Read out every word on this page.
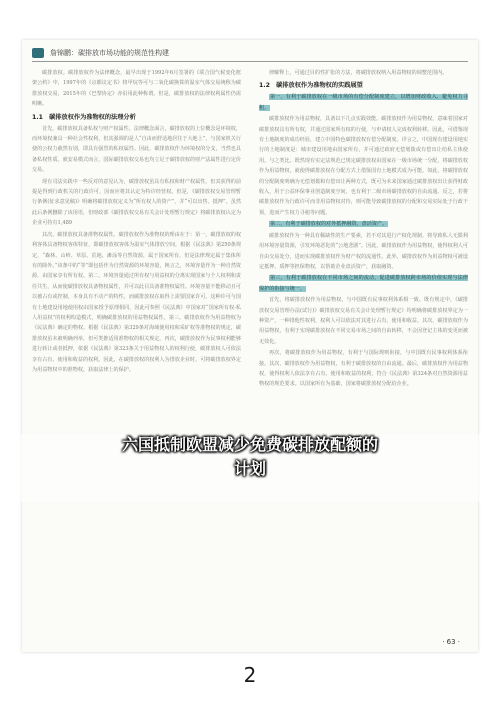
詹锦鹏：碳排放市场功能的规范性构建

碳排放权。碳排放权作为法律概念，最早出现于1992年6月签署的《联合国气候变化框架公约》中，1997年的《京都议定书》将甲烷等可与二氧化碳换算的温室气体交易统称为碳排放权交易，2015年的《巴黎协定》亦沿用此种称谓。但是，碳排放权的法律权利属性仍需明晰。

1.1　碳排放权作为准物权的法理分析

首先，碳排放权具备私权与财产权属性。法律概念面言，碳排放权的上位概念是环境权，而环境权兼具一种社会性权利，但其强调的是人“自由而舒适地居住于大地上”，与国家机关行使的公权力截然有别，即具有强烈的私权属性。因此，碳排放权作为环境权的分支，当然也具备私权性质。就安易模式而言，国际碳排放权交易也均立足于碳排放权的财产法属性进行定价交易。

现有司法实践中一些反对的意见认为，碳排放权虽具有私权和财产权属性，但其获得的前提是得到行政机关的行政许可，因而应将其认定为特许经营权。但是，《碳排放权交易管理暂行条例(征求意见稿)》明确将碳排放权定义为“所有权人的资产”，并“可以出售、抵押”。虽然此后条例删除了该用语，但财政部《碳排放权交易有关会计处理暂行规定》将碳排放权认定为企业可持有1,489

其次，碳排放权具备准物权属性。碳排放权作为准物权的理由在于：第一，碳排放权的权利客体具备物权客体特征，即碳排放权客体为温室气体排放空间，根据《民法典》第250条规定，“森林、山岭、草原、荒地、滩涂等自然资源，属于国家所有，但是法律规定属于集体所有的除外。”该条中的“等”即包括作为自然资源的环境容量，换言之，环境容量作为一种自然资源，由国家享有所有权。第二，环境容量通过所有权与用益权的分离实现国家与个人权利和责任共生，从而使碳排放权具备物权属性，并可以此目具备准物权属性。环境容量不能移动且可以被占有或控制，本身具有不动产的特性，而碳排放权在取得上需要国家许可，这种许可与国有土地建设用地使用权由国家授予原理相同，因此可参照《民法典》中国家对“国家所有权-私人用益权”的权利构造模式，明确碳排放权的用益物权属性。第三，碳排放权作为用益物权为《民法典》确定的物权。根据《民法典》第329条对海域使用权和采矿权等准物权的规定，碳排放权虽未被明确列举，但可类推适用准物权的相关规定。再次，碳排放权作为民事权利能够进行转让或者抵押，依据《民法典》第323条关于用益物权人的权利行使，碳排放权人可依法享有占有、使用和收益的权利。因此，在碳排放权的权利人为排放企业时，可将碳排放权界定为用益物权中的准物权，获取法律上的保护。

律解释上，可通过目的性扩张的方法，将碳排放权纳入用益物权的调整范围内。

1.2　碳排放权作为准物权的实践展望

第一，有利于碳排放权在一级市场的有偿分配制度建立，以增加财政收入、避免权力寻租。

碳排放权作为用益物权，具备以下几点实践效能。碳排放权作为用益物权，意味着国家对碳排放权具有所有权，并通过国家所有权的行使，与申请权人完成权利转移。因此，可借鉴现有土地制度的成功经验，建立中国特色碳排放权有偿分配制度。详言之，中国现有建设用地实行的土地制度是：城市建设用地由国家所有，并可通过政府无偿划拨或有偿出让给私主体使用。与之类比，既然现有实定法规范已规定碳排放权由国家在一级市场统一分配，将碳排放权作为用益物权，就使得碳排放权在分配方式上借鉴国有土地模式成为可能。如此，将碳排放权的分配制度明确为无偿划拨和有偿出让两种方式，既可为未来国家通过碳排放权出让获得财政收入，用于公益环保事业创造制度空间，也有利于二级市场碳排放权的自由流通。反之，若将碳排放权作为行政许可而非用益物权对待，则可能导致碳排放权的分配和交易实际处于行政干预，进而产生权力寻租等问题。

第二，有利于碳排放权的对外抵押融资，盘活资产。

碳排放权作为一种具有稀缺性的生产要素，若不对其进行产权化规制，将导致私人无限利用环境容量资源，引发环境恶化的“公地悲剧”。因此，碳排放权作为用益物权，使得权利人可自由交易处分，进而实现碳排放权作为财产权的流通性。此外，碳排放权作为用益物权可被设定抵押、质押等担保物权，以帮助企业盘活资产，获取融资。

第三，有利于碳排放权在不同市场之间的流动，促进碳排放权跨市场的价值实现与法律保护的衔接与统一。

首先，将碳排放权作为用益物权，与中国既有民事权利体系相一致。既有规定中，《碳排放权交易管理办法(试行)》碳排放权交易有关会计处理暂行规定》均明确将碳排放权界定为一种资产，一种排他性权利，权利人可以依法对其进行占有、使用和收益。其次，碳排放权作为用益物权，有利于实现碳排放权在不同交易市场之间的自由转移，不会因登记主体的变更而被无效化。

再次，将碳排放权作为用益物权，有利于与国际规则衔接，与中国既有民事权利体系衔接。其次，碳排放权作为用益物权，有利于碳排放权的自由流通。最后，碳排放权作为用益物权，使得权利人依法享有占有、使用和收益的权利，符合《民法典》第324条对自然资源用益物权的规范要求。以国家所有为基础，国家将碳排放权分配给企业。

· 63 ·
六国抵制欧盟减少免费碳排放配额的
计划
2
